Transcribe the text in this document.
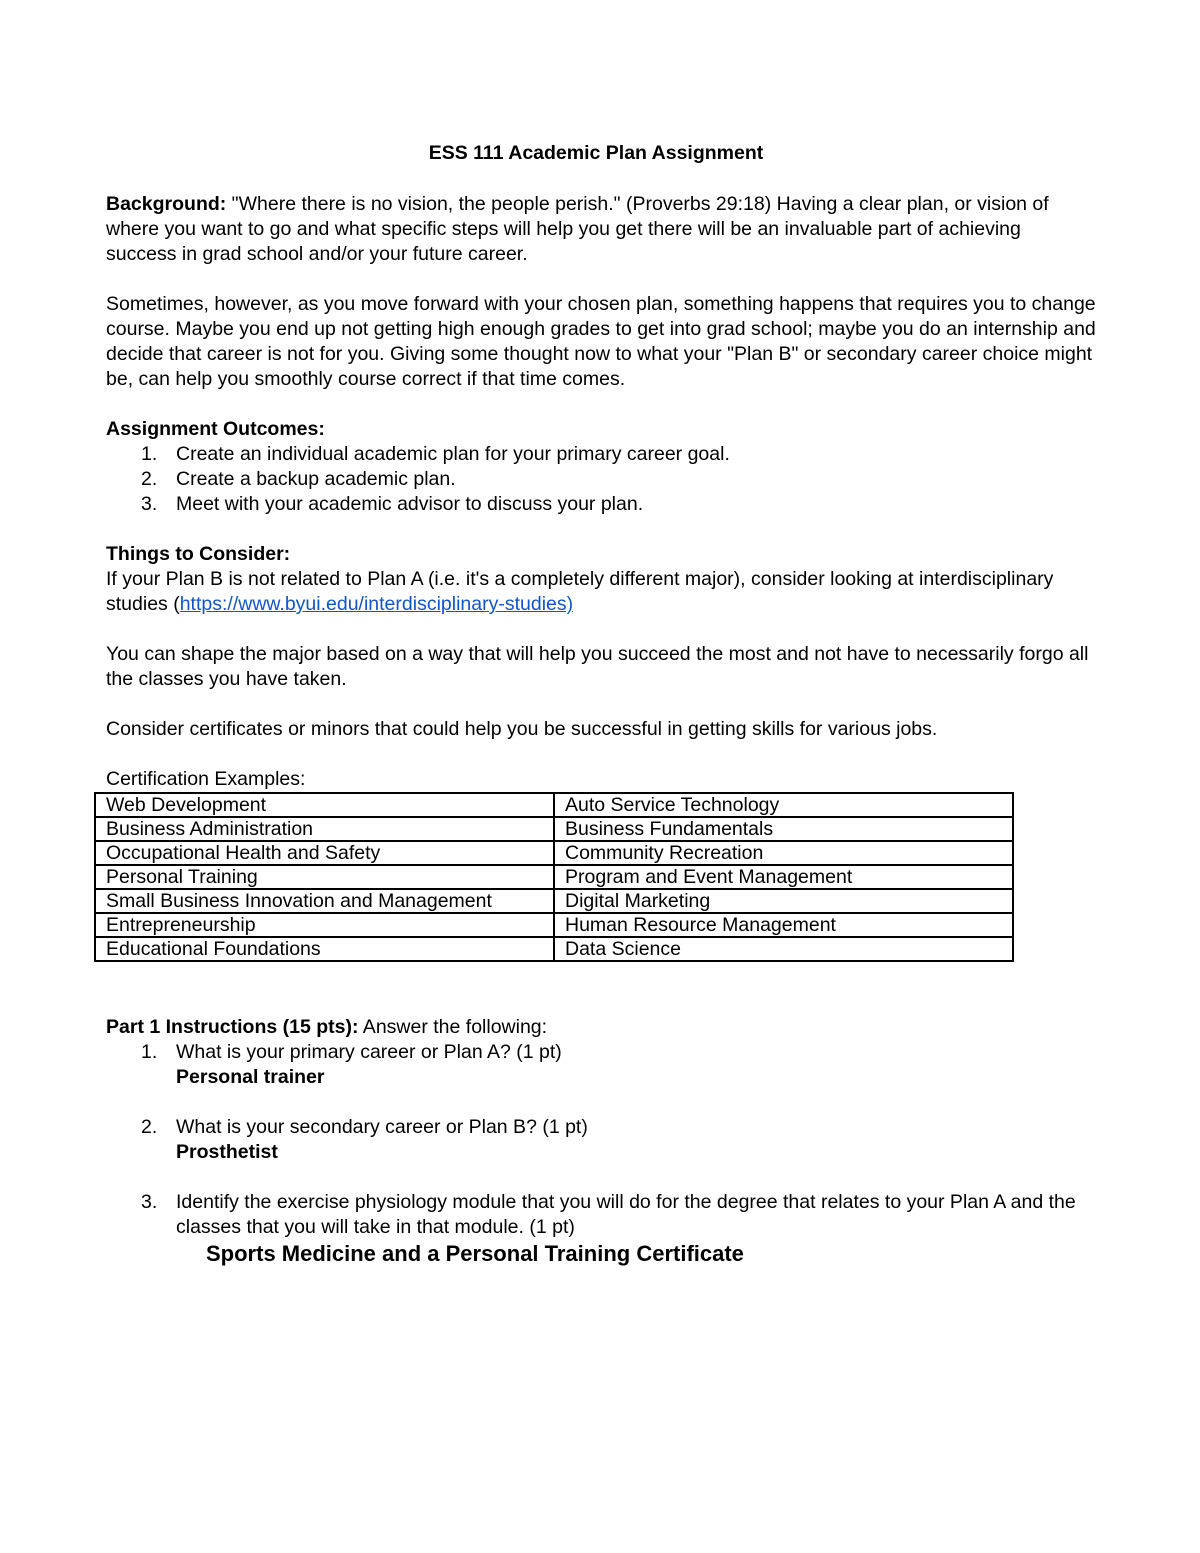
ESS 111 Academic Plan Assignment

Background: "Where there is no vision, the people perish." (Proverbs 29:18) Having a clear plan, or vision of where you want to go and what specific steps will help you get there will be an invaluable part of achieving success in grad school and/or your future career.

Sometimes, however, as you move forward with your chosen plan, something happens that requires you to change course. Maybe you end up not getting high enough grades to get into grad school; maybe you do an internship and decide that career is not for you. Giving some thought now to what your "Plan B" or secondary career choice might be, can help you smoothly course correct if that time comes.

Assignment Outcomes:

1. Create an individual academic plan for your primary career goal.
2. Create a backup academic plan.
3. Meet with your academic advisor to discuss your plan.

Things to Consider:

If your Plan B is not related to Plan A (i.e. it's a completely different major), consider looking at interdisciplinary studies (https://www.byui.edu/interdisciplinary-studies)

You can shape the major based on a way that will help you succeed the most and not have to necessarily forgo all the classes you have taken.

Consider certificates or minors that could help you be successful in getting skills for various jobs.

Certification Examples:

Web Development	Auto Service Technology
Business Administration	Business Fundamentals
Occupational Health and Safety	Community Recreation
Personal Training	Program and Event Management
Small Business Innovation and Management	Digital Marketing
Entrepreneurship	Human Resource Management
Educational Foundations	Data Science

Part 1 Instructions (15 pts): Answer the following:

1. What is your primary career or Plan A? (1 pt)
Personal trainer
2. What is your secondary career or Plan B? (1 pt)
Prosthetist
3. Identify the exercise physiology module that you will do for the degree that relates to your Plan A and the classes that you will take in that module. (1 pt)
Sports Medicine and a Personal Training Certificate
